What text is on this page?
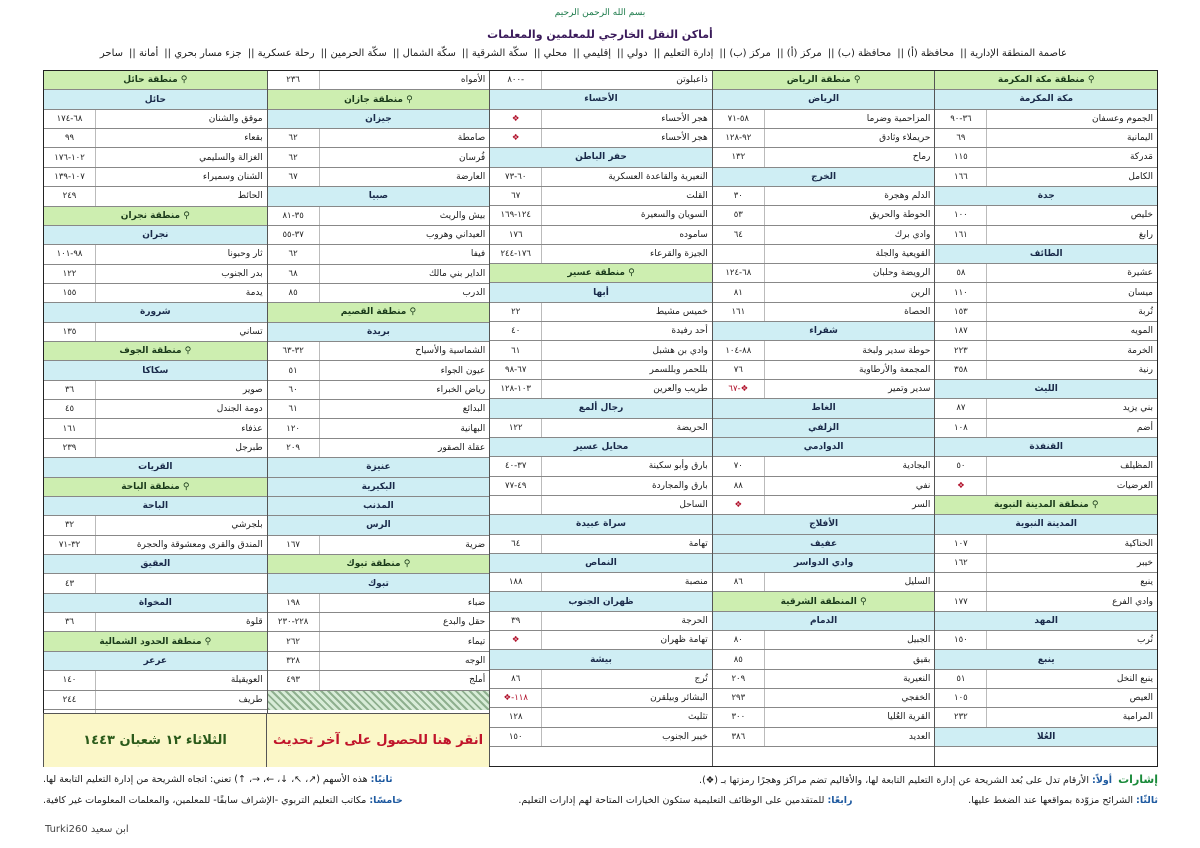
بسم الله الرحمن الرحيم
أماكن النقل الخارجي للمعلمين والمعلمات
عاصمة المنطقة الإدارية ||محافظة (أ) ||محافظة (ب) ||مركز (أ) ||مركز (ب) ||إدارة التعليم ||دولي ||إقليمي ||محلي ||سكّة الشرقية ||سكّة الشمال ||سكّة الحرمين ||رحلة عسكرية ||جزء مسار بحري ||أمانة ||ساحر
⚲ منطقة مكة المكرمة
مكة المكرمة
الجموم وعسفان
٣٦-٩٠
اليمانية
٦٩
مَدركة
١١٥
الكامل
١٦٦
جدة
خليص
١٠٠
رابغ
١٦١
الطائف
عشيرة
٥٨
ميسان
١١٠
تُربة
١٥٣
المويه
١٨٧
الخرمة
٢٢٣
رنية
٣٥٨
الليث
بني يزيد
٨٧
أضم
١٠٨
القنفذة
المظيلف
٥٠
العرضيات
❖
⚲ منطقة المدينة النبوية
المدينة النبوية
الحناكية
١٠٧
خيبر
١٦٢
ينبع
وادي الفرع
١٧٧
المهد
تُرب
١٥٠
ينبع
ينبع النخل
٥١
العيص
١٠٥
المرامية
٢٣٢
العُلا
⚲ منطقة الرياض
الرياض
المزاحمية وضرما
٥٨-٧١
حريملاء وثادق
٩٢-١٢٨
رماح
١٣٢
الخرج
الدلم وهجرة
٣٠
الحوطة والحريق
٥٣
وادي برك
٦٤
القويعية والجلة
الرويضة وحلبان
٦٨-١٢٤
الرين
٨١
الحصاة
١٦١
شقراء
حوطة سدير ولبخة
٨٨-١٠٤
المجمعة والأرطاوية
٧٦
سدير وتمير
٦٧-❖
الغاط
الزلفي
الدوادمي
البجادية
٧٠
نفي
٨٨
السر
❖
الأفلاج
عفيف
وادي الدواسر
السليل
٨٦
⚲ المنطقة الشرقية
الدمام
الجبيل
٨٠
بقيق
٨٥
النعيرية
٢٠٩
الخفجي
٢٩٣
القرية العُليا
٣٠٠
العديد
٣٨٦
ذاعبلوتن
٨٠٠-
الأحساء
هجر الأحساء
❖
هجر الأحساء
❖
حفر الباطن
النعيرية والقاعدة العسكرية
٦٠-٧٣
القلت
٦٧
السويان والسعيرة
١٢٤-١٦٩
ساموده
١٧٦
الجيزة والقرعاء
١٧٦-٢٤٤
⚲ منطقة عسير
أبها
خميس مشيط
٢٢
أحد رفيدة
٤٠
وادي بن هشبل
٦١
بللحمر وبللسمر
٦٧-٩٨
طريب والعرين
١٠٣-١٢٨
رجال ألمع
الحريضة
١٢٢
محايل عسير
بارق وأبو سكينة
٣٧-٤٠
بارق والمجاردة
٤٩-٧٧
الساحل
سراة عبيدة
تهامة
٦٤
النماص
منصبة
١٨٨
ظهران الجنوب
الحرجة
٣٩
تهامة ظهران
❖
بيشة
تُرج
٨٦
البشائر وبيلقرن
❖-١١٨
تثليث
١٢٨
خيبر الجنوب
١٥٠
الأمواه
٢٣٦
⚲ منطقة جازان
جيزان
صامطة
٦٢
فُرسان
٦٢
العارضة
٦٧
صبيا
بيش والريث
٣٥-٨١
العيداني وهروب
٣٧-٥٥
فيفا
٦٢
الداير بني مالك
٦٨
الدرب
٨٥
⚲ منطقة القصيم
بريدة
الشماسية والأسياح
٣٢-٦٣
عيون الجواء
٥١
رياض الخبراء
٦٠
البدائع
٦١
البهانية
١٢٠
عقلة الصقور
٢٠٩
عنيزة
البكيرية
المذنب
الرس
ضرية
١٦٧
⚲ منطقة تبوك
تبوك
ضباء
١٩٨
حقل والبدع
٢٢٨-٢٣٠
تيماء
٢٦٢
الوجه
٣٢٨
أملج
٤٩٣
⚲ منطقة حائل
حائل
موقق والشنان
٦٨-١٧٤
بقعاء
٩٩
الغزالة والسليمي
١٠٢-١٧٦
الشنان وسميراء
١٠٧-١٣٩
الحائط
٢٤٩
⚲ منطقة نجران
نجران
ثار وحبونا
٩٨-١٠١
بدر الجنوب
١٢٢
يدمة
١٥٥
شرورة
تساني
١٣٥
⚲ منطقة الجوف
سكاكا
صوير
٣٦
دومة الجندل
٤٥
عذفاء
١٦١
طبرجل
٢٣٩
القريات
⚲ منطقة الباحة
الباحة
بلجرشي
٣٢
المندق والقرى ومعشوقة والحجرة
٣٢-٧١
العقيق
٤٣
المخواة
قلوة
٣٦
⚲ منطقة الحدود الشمالية
عرعر
العويقيلة
١٤٠
طريف
٢٤٤
انقر هنا للحصول على آخر تحديث
الثلاثاء ١٢ شعبان ١٤٤٣
إشارات  أولاً: الأرقام تدل على بُعد الشريحة عن إدارة التعليم التابعة لها، والأقاليم تضم مراكز وهجرًا رمزتها بـ (❖).
ثانيًا: هذه الأسهم (↗، ↖، ↓، ←، →، ↑) تعني: اتجاه الشريحة من إدارة التعليم التابعة لها.
ثالثًا: الشرائح مزوّدة بمواقعها عند الضغط عليها.
رابعًا: للمتقدمين على الوظائف التعليمية ستكون الخيارات المتاحة لهم إدارات التعليم.
خامسًا: مكاتب التعليم التربوي -الإشراف سابقًا- للمعلمين، والمعلمات المعلومات غير كافية.
Turki260 ابن سعيد
